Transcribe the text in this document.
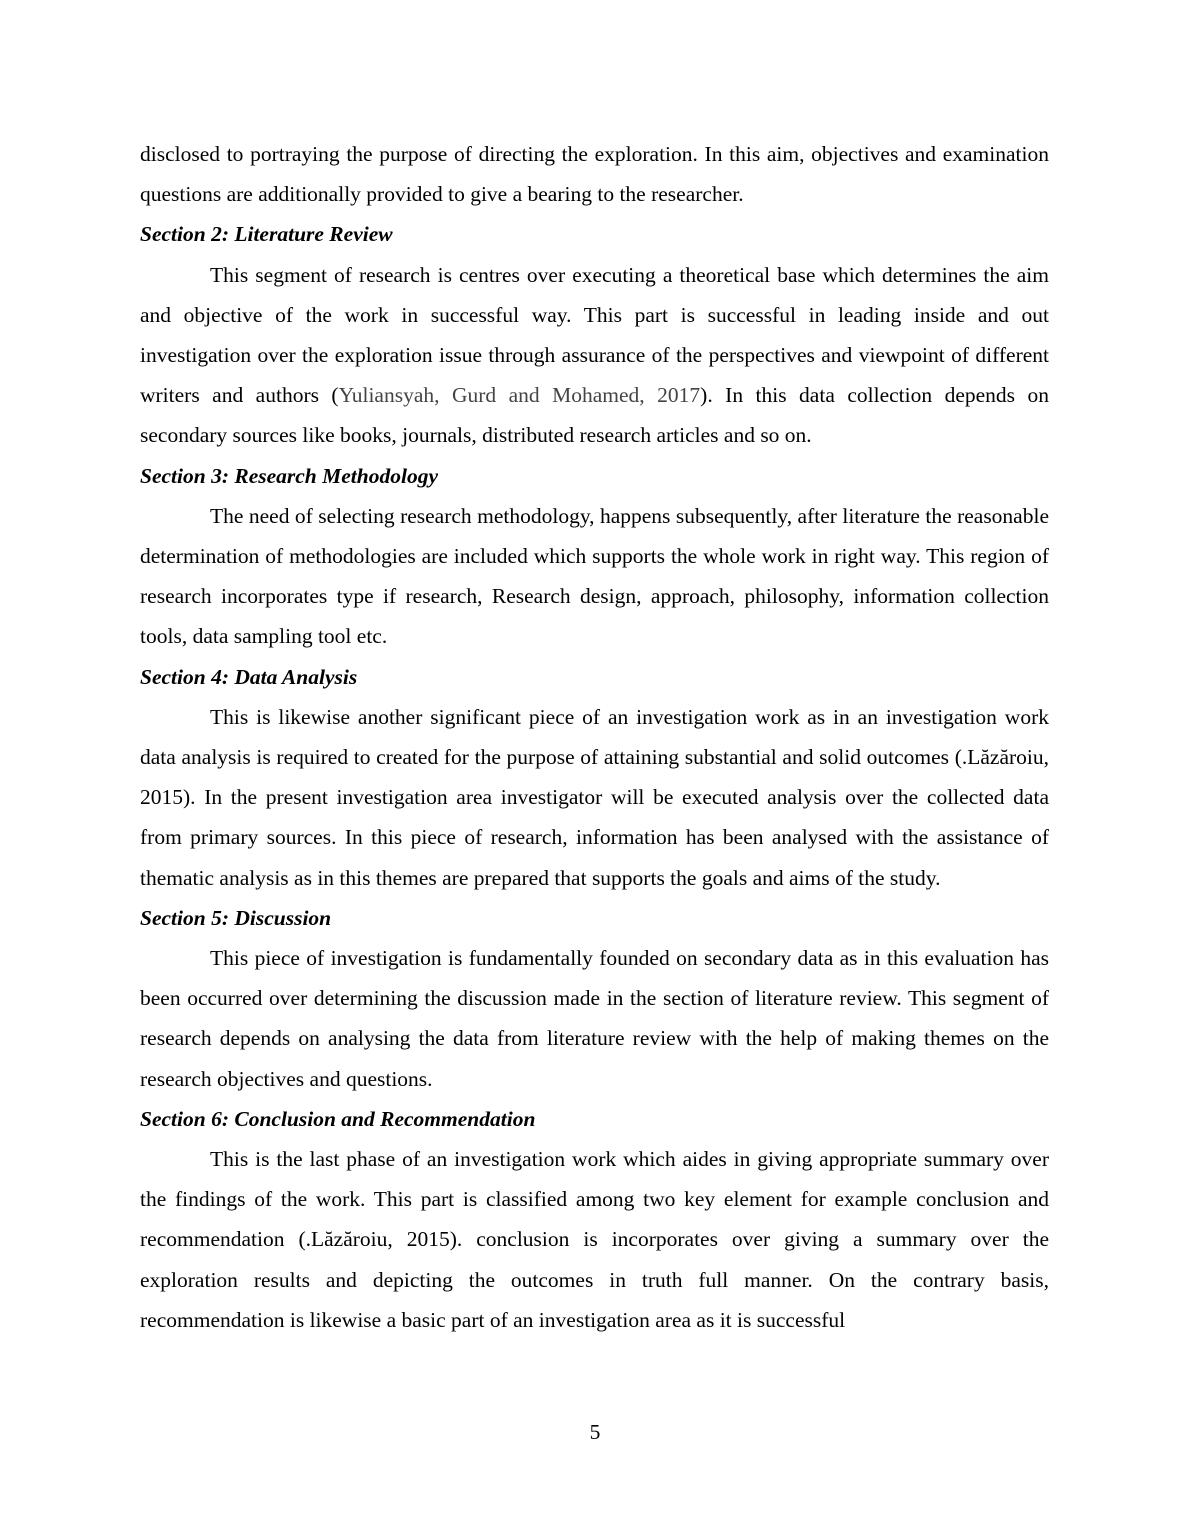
disclosed to portraying the purpose of directing the exploration. In this aim, objectives and examination questions are additionally provided to give a bearing to the researcher.

Section 2: Literature Review

This segment of research is centres over executing a theoretical base which determines the aim and objective of the work in successful way. This part is successful in leading inside and out investigation over the exploration issue through assurance of the perspectives and viewpoint of different writers and authors (Yuliansyah, Gurd and Mohamed, 2017). In this data collection depends on secondary sources like books, journals, distributed research articles and so on.

Section 3: Research Methodology

The need of selecting research methodology, happens subsequently, after literature the reasonable determination of methodologies are included which supports the whole work in right way. This region of research incorporates type if research, Research design, approach, philosophy, information collection tools, data sampling tool etc.

Section 4: Data Analysis

This is likewise another significant piece of an investigation work as in an investigation work data analysis is required to created for the purpose of attaining substantial and solid outcomes (.Lăzăroiu, 2015). In the present investigation area investigator will be executed analysis over the collected data from primary sources. In this piece of research, information has been analysed with the assistance of thematic analysis as in this themes are prepared that supports the goals and aims of the study.

Section 5: Discussion

This piece of investigation is fundamentally founded on secondary data as in this evaluation has been occurred over determining the discussion made in the section of literature review. This segment of research depends on analysing the data from literature review with the help of making themes on the research objectives and questions.

Section 6: Conclusion and Recommendation

This is the last phase of an investigation work which aides in giving appropriate summary over the findings of the work. This part is classified among two key element for example conclusion and recommendation (.Lăzăroiu, 2015). conclusion is incorporates over giving a summary over the exploration results and depicting the outcomes in truth full manner. On the contrary basis, recommendation is likewise a basic part of an investigation area as it is successful

5
